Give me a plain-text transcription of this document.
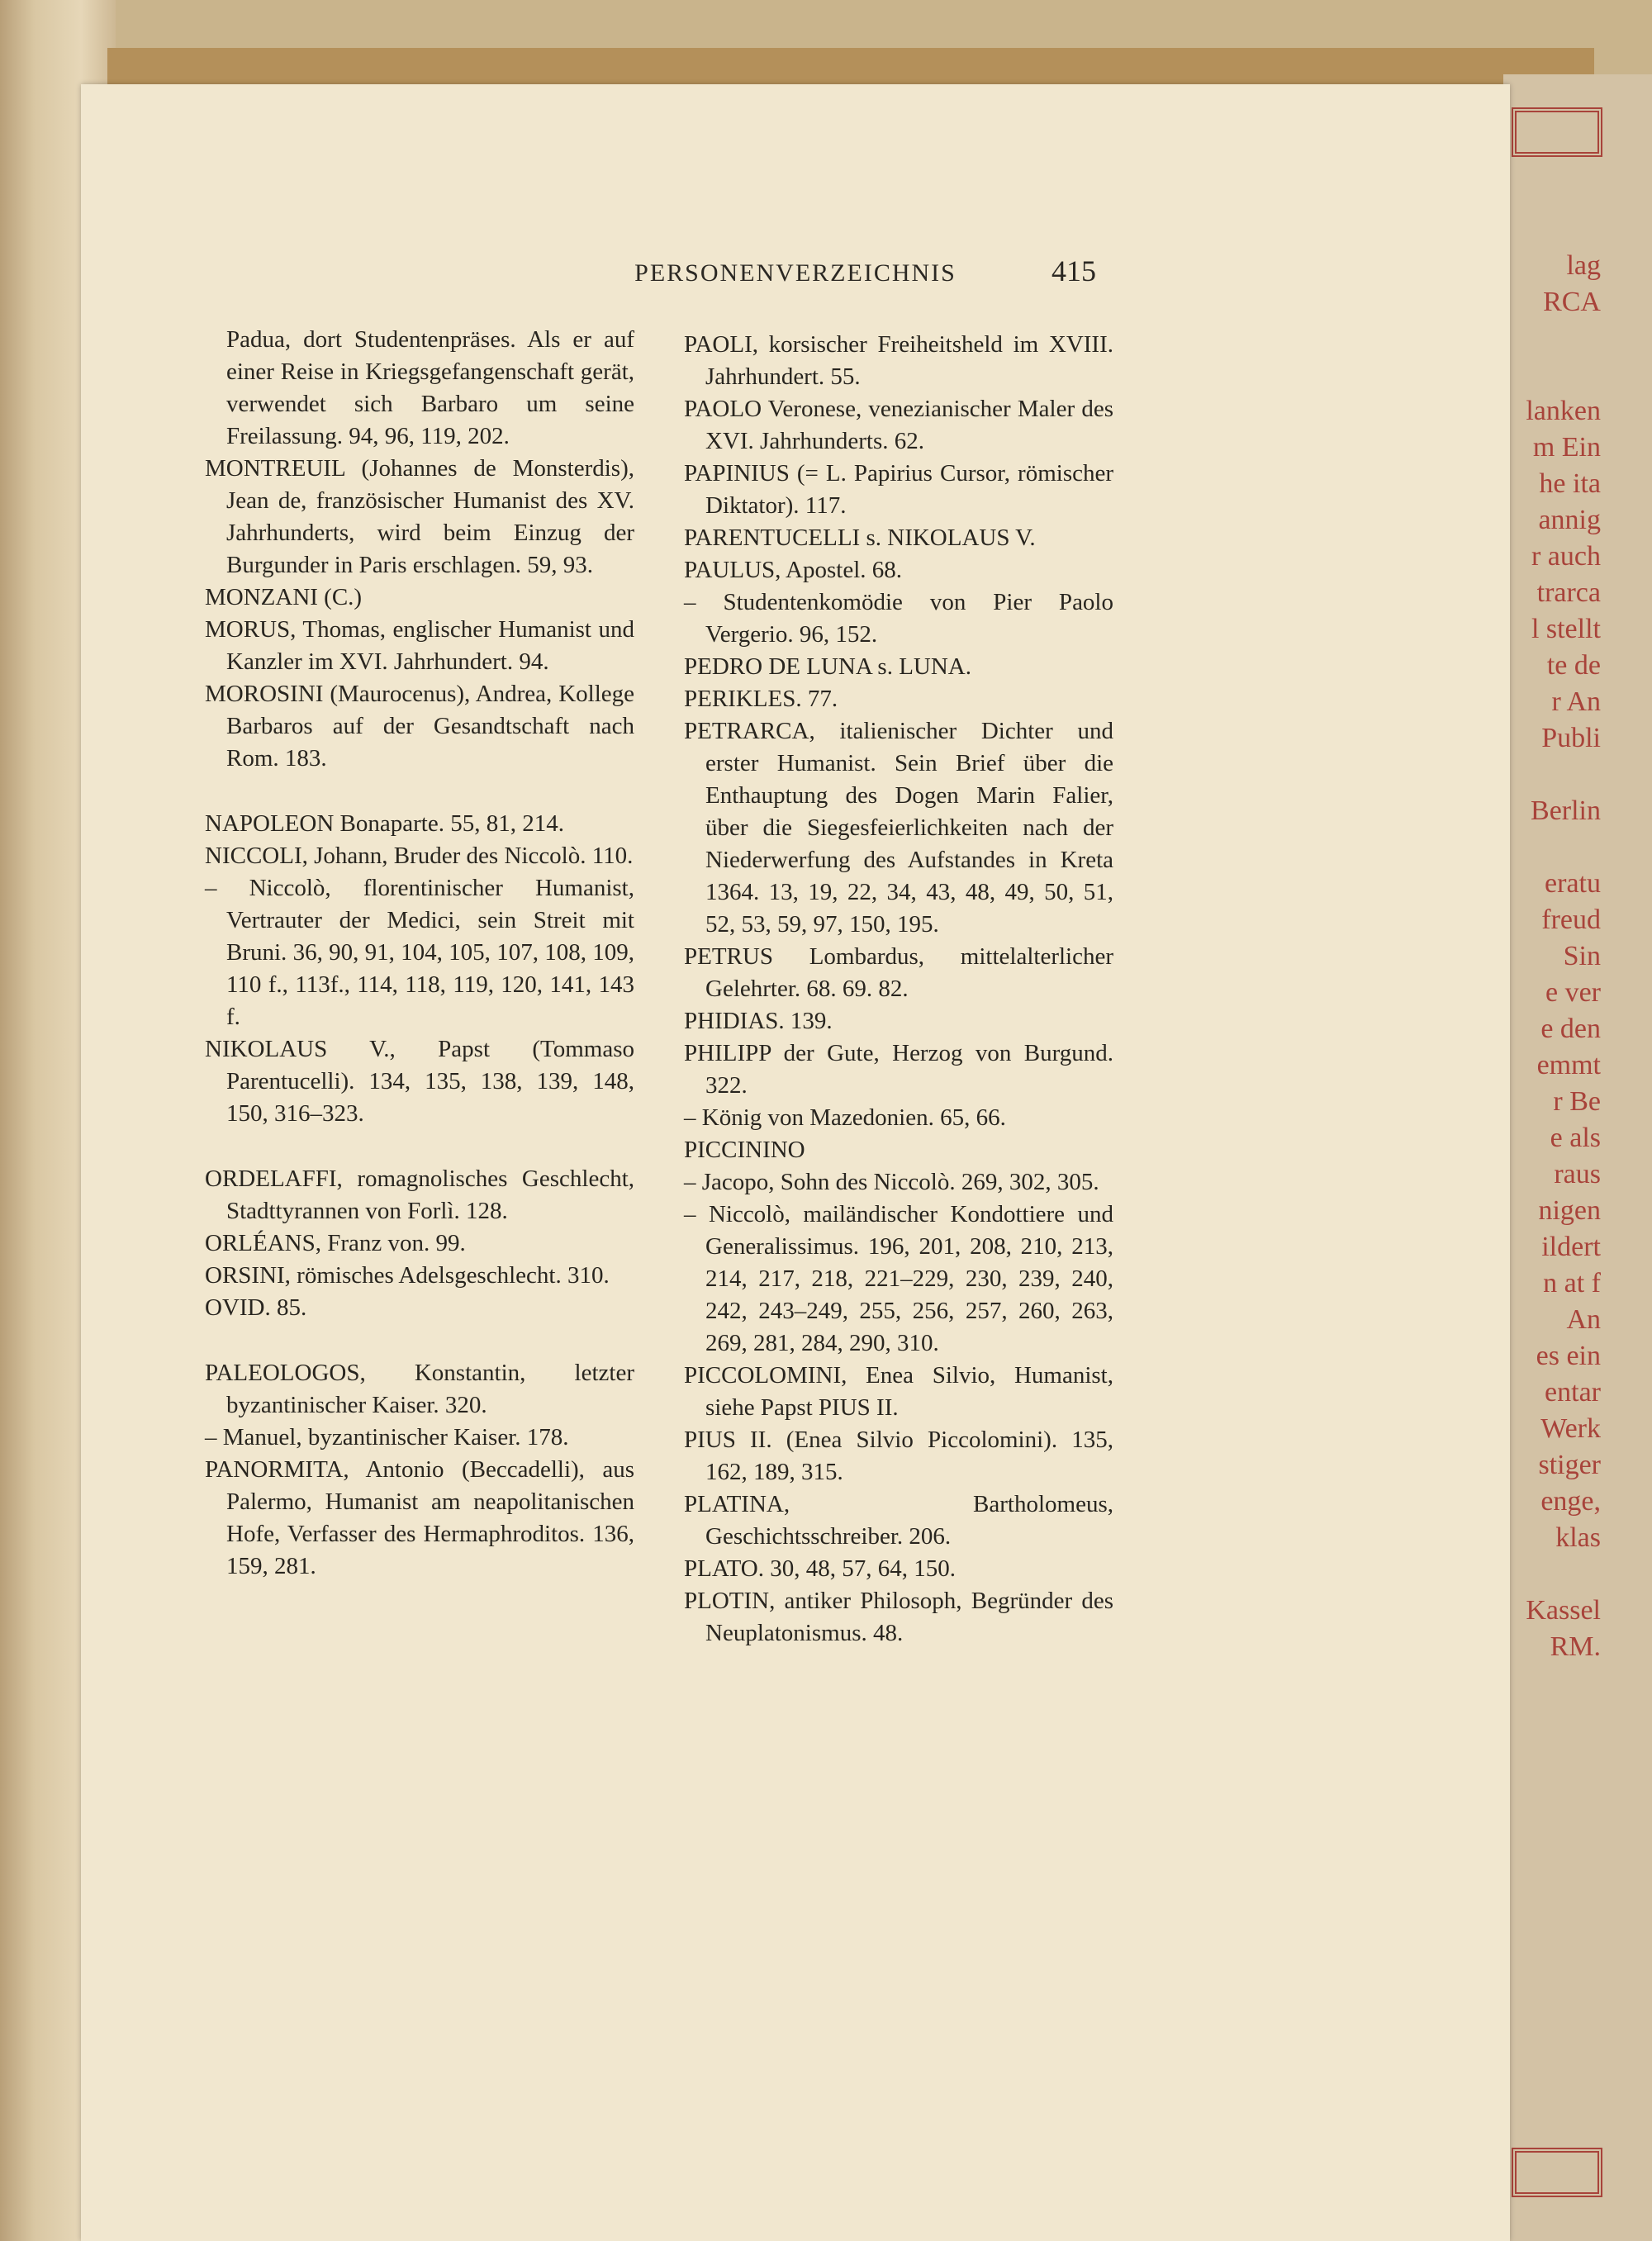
lag
RCA
lanken
m Ein
he ita
annig
r auch
trarca
l stellt
te de
r An
Publi
Berlin
eratu
freud
Sin
e ver
e den
emmt
r Be
e als
raus
nigen
ildert
n at f
An
es ein
entar
Werk
stiger
enge,
klas
Kassel
RM.
PERSONENVERZEICHNIS	415
Padua, dort Studentenpräses. Als er auf einer Reise in Kriegsgefangenschaft gerät, verwendet sich Barbaro um seine Freilassung. 94, 96, 119, 202.
MONTREUIL (Johannes de Monsterdis), Jean de, französischer Humanist des XV. Jahrhunderts, wird beim Einzug der Burgunder in Paris erschlagen. 59, 93.
MONZANI (C.)
MORUS, Thomas, englischer Humanist und Kanzler im XVI. Jahrhundert. 94.
MOROSINI (Maurocenus), Andrea, Kollege Barbaros auf der Gesandtschaft nach Rom. 183.
NAPOLEON Bonaparte. 55, 81, 214.
NICCOLI, Johann, Bruder des Niccolò. 110.
– Niccolò, florentinischer Humanist, Vertrauter der Medici, sein Streit mit Bruni. 36, 90, 91, 104, 105, 107, 108, 109, 110 f., 113f., 114, 118, 119, 120, 141, 143 f.
NIKOLAUS V., Papst (Tommaso Parentucelli). 134, 135, 138, 139, 148, 150, 316–323.
ORDELAFFI, romagnolisches Geschlecht, Stadttyrannen von Forlì. 128.
ORLÉANS, Franz von. 99.
ORSINI, römisches Adelsgeschlecht. 310.
OVID. 85.
PALEOLOGOS, Konstantin, letzter byzantinischer Kaiser. 320.
– Manuel, byzantinischer Kaiser. 178.
PANORMITA, Antonio (Beccadelli), aus Palermo, Humanist am neapolitanischen Hofe, Verfasser des Hermaphroditos. 136, 159, 281.
PAOLI, korsischer Freiheitsheld im XVIII. Jahrhundert. 55.
PAOLO Veronese, venezianischer Maler des XVI. Jahrhunderts. 62.
PAPINIUS (= L. Papirius Cursor, römischer Diktator). 117.
PARENTUCELLI s. NIKOLAUS V.
PAULUS, Apostel. 68.
– Studentenkomödie von Pier Paolo Vergerio. 96, 152.
PEDRO DE LUNA s. LUNA.
PERIKLES. 77.
PETRARCA, italienischer Dichter und erster Humanist. Sein Brief über die Enthauptung des Dogen Marin Falier, über die Siegesfeierlichkeiten nach der Niederwerfung des Aufstandes in Kreta 1364. 13, 19, 22, 34, 43, 48, 49, 50, 51, 52, 53, 59, 97, 150, 195.
PETRUS Lombardus, mittelalterlicher Gelehrter. 68. 69. 82.
PHIDIAS. 139.
PHILIPP der Gute, Herzog von Burgund. 322.
– König von Mazedonien. 65, 66.
PICCININO
– Jacopo, Sohn des Niccolò. 269, 302, 305.
– Niccolò, mailändischer Kondottiere und Generalissimus. 196, 201, 208, 210, 213, 214, 217, 218, 221–229, 230, 239, 240, 242, 243–249, 255, 256, 257, 260, 263, 269, 281, 284, 290, 310.
PICCOLOMINI, Enea Silvio, Humanist, siehe Papst PIUS II.
PIUS II. (Enea Silvio Piccolomini). 135, 162, 189, 315.
PLATINA, Bartholomeus, Geschichtsschreiber. 206.
PLATO. 30, 48, 57, 64, 150.
PLOTIN, antiker Philosoph, Begründer des Neuplatonismus. 48.
